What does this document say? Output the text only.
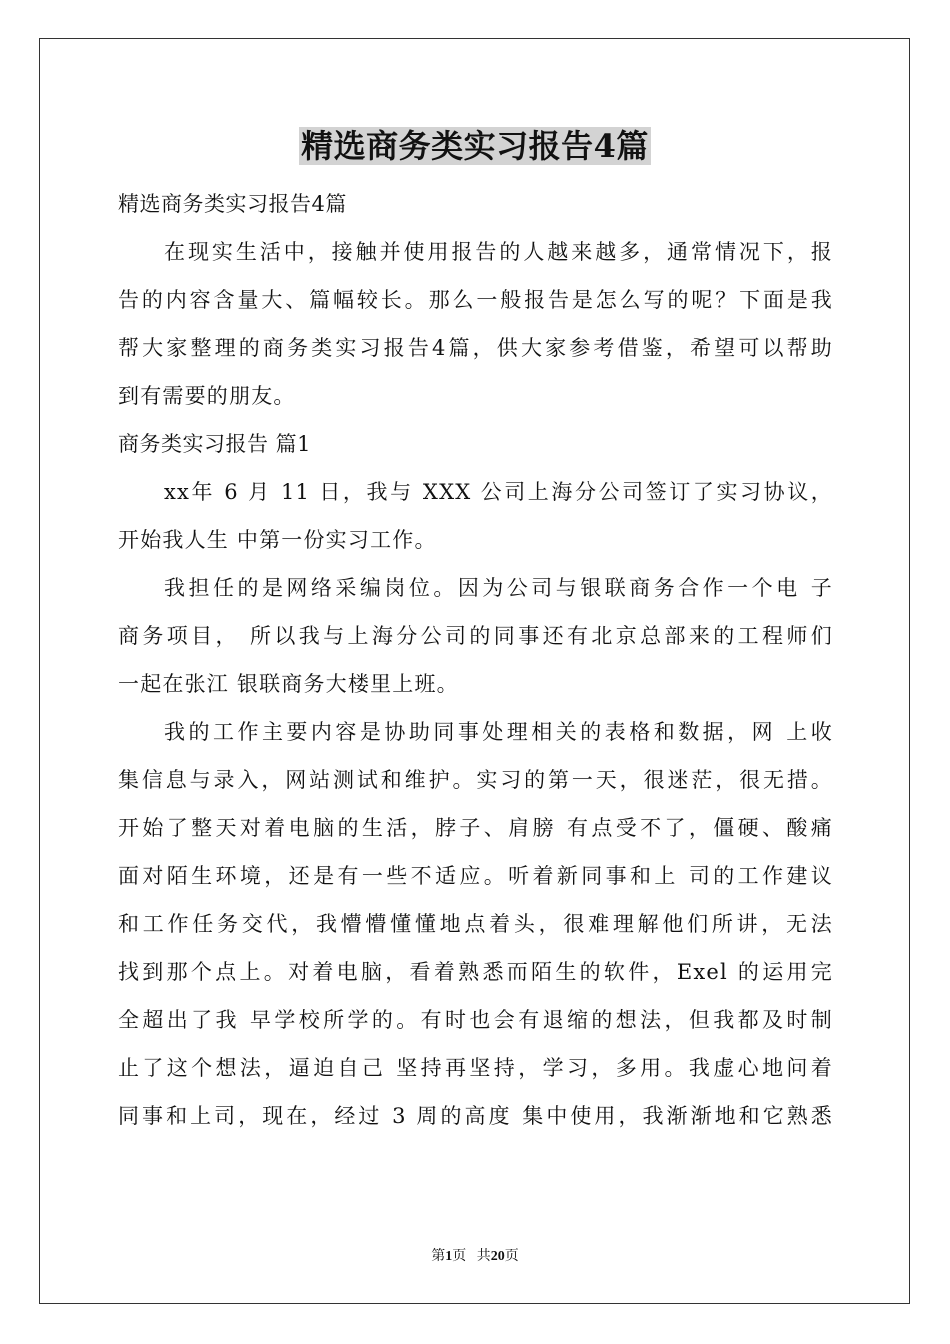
精选商务类实习报告4篇
精选商务类实习报告4篇
在现实生活中，接触并使用报告的人越来越多，通常情况下，报
告的内容含量大、篇幅较长。那么一般报告是怎么写的呢？下面是我
帮大家整理的商务类实习报告4篇，供大家参考借鉴，希望可以帮助
到有需要的朋友。
商务类实习报告 篇1
xx年 6 月 11 日，我与 XXX 公司上海分公司签订了实习协议，
开始我人生 中第一份实习工作。
我担任的是网络采编岗位。因为公司与银联商务合作一个电 子
商务项目， 所以我与上海分公司的同事还有北京总部来的工程师们
一起在张江 银联商务大楼里上班。
我的工作主要内容是协助同事处理相关的表格和数据，网 上收
集信息与录入，网站测试和维护。实习的第一天，很迷茫，很无措。
开始了整天对着电脑的生活，脖子、肩膀 有点受不了，僵硬、酸痛
面对陌生环境，还是有一些不适应。听着新同事和上 司的工作建议
和工作任务交代，我懵懵懂懂地点着头，很难理解他们所讲，无法
找到那个点上。对着电脑，看着熟悉而陌生的软件，Exel 的运用完
全超出了我 早学校所学的。有时也会有退缩的想法，但我都及时制
止了这个想法，逼迫自己 坚持再坚持，学习，多用。我虚心地问着
同事和上司，现在，经过 3 周的高度 集中使用，我渐渐地和它熟悉
第1页 共20页
